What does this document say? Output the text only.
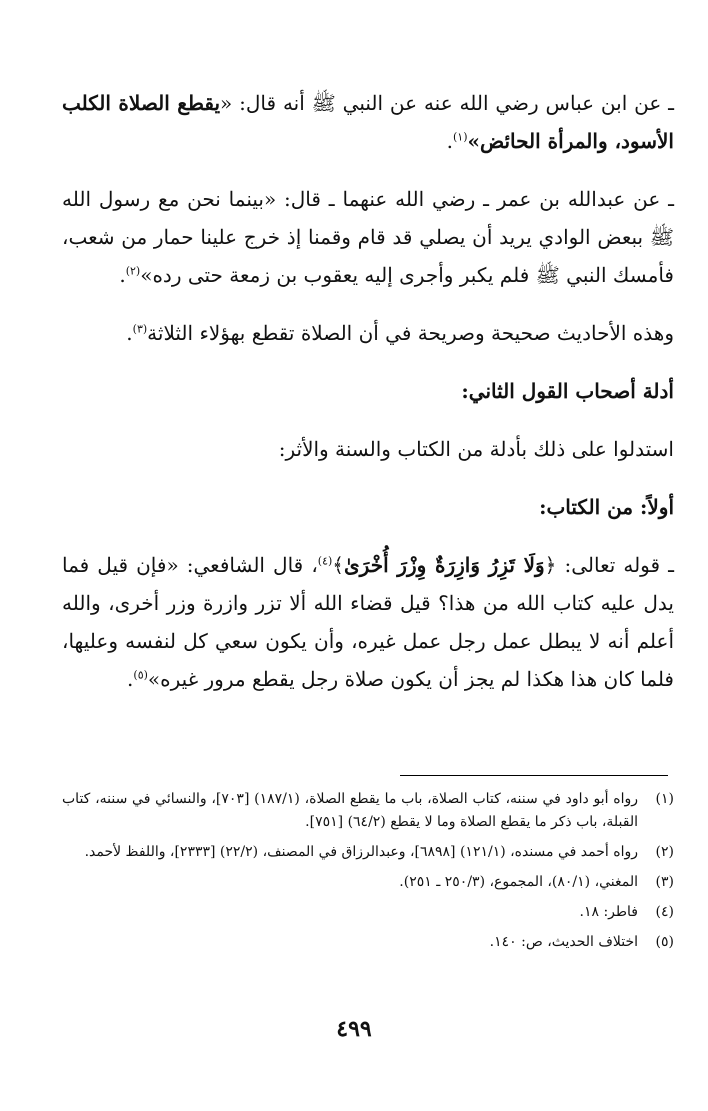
ـ عن ابن عباس رضي الله عنه عن النبي ﷺ أنه قال: «يقطع الصلاة الكلب الأسود، والمرأة الحائض»$^{(١)}$.

ـ عن عبدالله بن عمر ـ رضي الله عنهما ـ قال: «بينما نحن مع رسول الله ﷺ ببعض الوادي يريد أن يصلي قد قام وقمنا إذ خرج علينا حمار من شعب، فأمسك النبي ﷺ فلم يكبر وأجرى إليه يعقوب بن زمعة حتى رده»$^{(٢)}$.

وهذه الأحاديث صحيحة وصريحة في أن الصلاة تقطع بهؤلاء الثلاثة$^{(٣)}$.

أدلة أصحاب القول الثاني:

استدلوا على ذلك بأدلة من الكتاب والسنة والأثر:

أولاً: من الكتاب:

ـ قوله تعالى: ﴿وَلَا تَزِرُ وَازِرَةٌ وِزْرَ أُخْرَىٰ﴾$^{(٤)}$، قال الشافعي: «فإن قيل فما يدل عليه كتاب الله من هذا؟ قيل قضاء الله ألا تزر وازرة وزر أخرى، والله أعلم أنه لا يبطل عمل رجل عمل غيره، وأن يكون سعي كل لنفسه وعليها، فلما كان هذا هكذا لم يجز أن يكون صلاة رجل يقطع مرور غيره»$^{(٥)}$.

(١)
رواه أبو داود في سننه، كتاب الصلاة، باب ما يقطع الصلاة، (١٨٧/١) [٧٠٣]، والنسائي في سننه، كتاب القبلة، باب ذكر ما يقطع الصلاة وما لا يقطع (٦٤/٢) [٧٥١].
(٢)
رواه أحمد في مسنده، (١٢١/١) [٦٨٩٨]، وعبدالرزاق في المصنف، (٢٢/٢) [٢٣٣٣]، واللفظ لأحمد.
(٣)
المغني، (٨٠/١)، المجموع، (٢٥٠/٣ ـ ٢٥١).
(٤)
فاطر: ١٨.
(٥)
اختلاف الحديث، ص: ١٤٠.
٤٩٩
